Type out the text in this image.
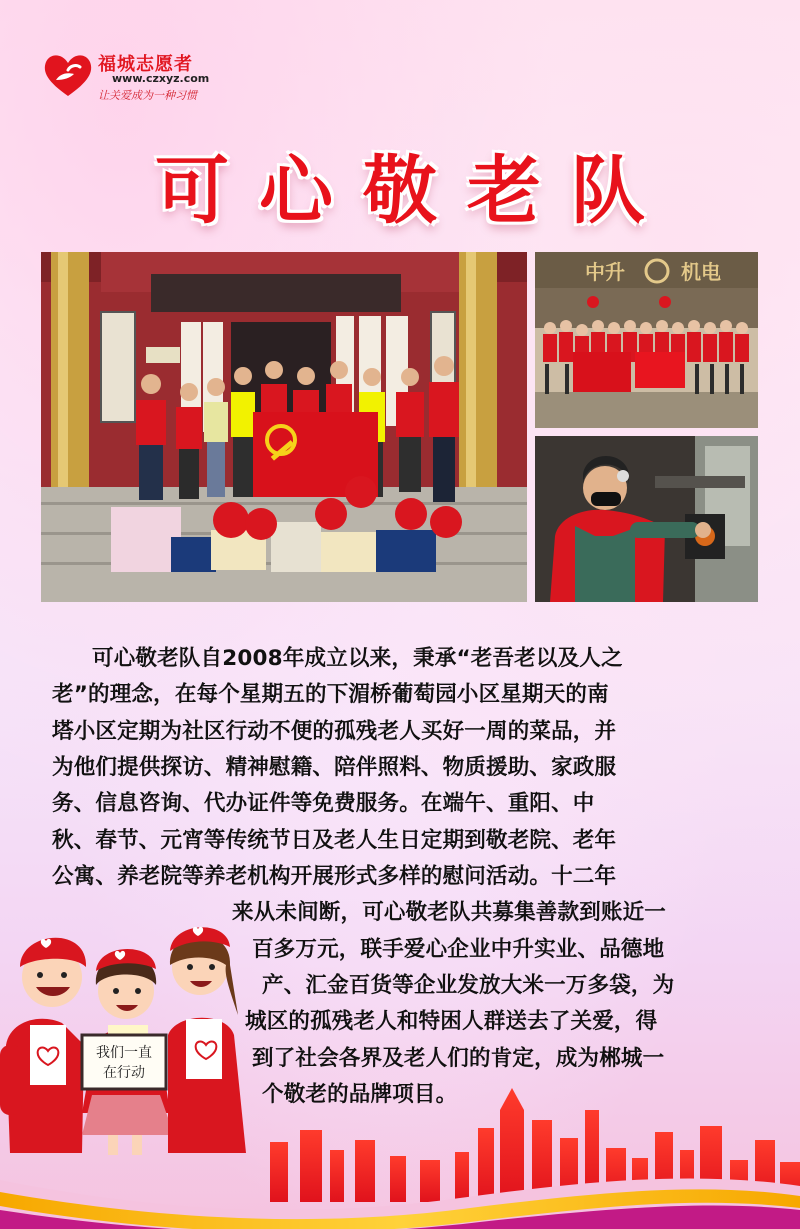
福城志愿者
www.czxyz.com
让关爱成为一种习惯
可心敬老队
中升	机电
可心敬老队自2008年成立以来，秉承“老吾老以及人之
老”的理念，在每个星期五的下湄桥葡萄园小区星期天的南
塔小区定期为社区行动不便的孤残老人买好一周的菜品，并
为他们提供探访、精神慰籍、陪伴照料、物质援助、家政服
务、信息咨询、代办证件等免费服务。在端午、重阳、中
秋、春节、元宵等传统节日及老人生日定期到敬老院、老年
公寓、养老院等养老机构开展形式多样的慰问活动。十二年
来从未间断，可心敬老队共募集善款到账近一
百多万元，联手爱心企业中升实业、品德地
产、汇金百货等企业发放大米一万多袋，为
城区的孤残老人和特困人群送去了关爱，得
到了社会各界及老人们的肯定，成为郴城一
个敬老的品牌项目。
我们一直
在行动
